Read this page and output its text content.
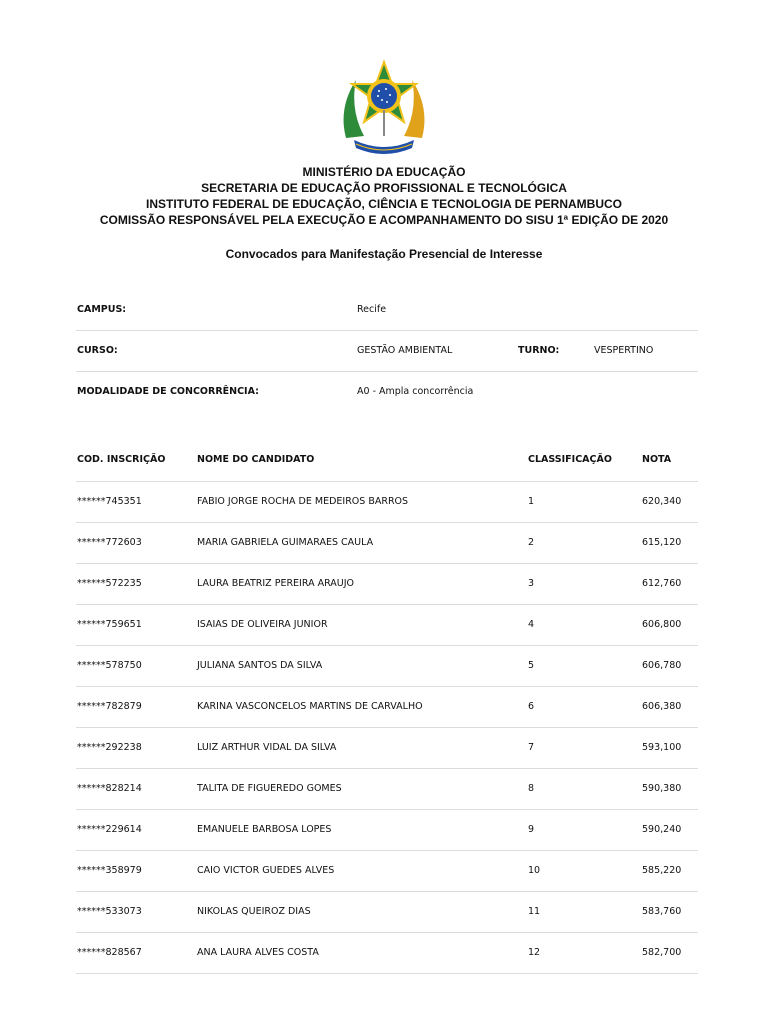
MINISTÉRIO DA EDUCAÇÃO
SECRETARIA DE EDUCAÇÃO PROFISSIONAL E TECNOLÓGICA
INSTITUTO FEDERAL DE EDUCAÇÃO, CIÊNCIA E TECNOLOGIA DE PERNAMBUCO
COMISSÃO RESPONSÁVEL PELA EXECUÇÃO E ACOMPANHAMENTO DO SISU 1ª EDIÇÃO DE 2020
Convocados para Manifestação Presencial de Interesse
CAMPUS:	Recife
CURSO:	GESTÃO AMBIENTAL	TURNO:	VESPERTINO
MODALIDADE DE CONCORRÊNCIA:	A0 - Ampla concorrência
COD. INSCRIÇÃO	NOME DO CANDIDATO	CLASSIFICAÇÃO	NOTA
******745351	FABIO JORGE ROCHA DE MEDEIROS BARROS	1	620,340
******772603	MARIA GABRIELA GUIMARAES CAULA	2	615,120
******572235	LAURA BEATRIZ PEREIRA ARAUJO	3	612,760
******759651	ISAIAS DE OLIVEIRA JUNIOR	4	606,800
******578750	JULIANA SANTOS DA SILVA	5	606,780
******782879	KARINA VASCONCELOS MARTINS DE CARVALHO	6	606,380
******292238	LUIZ ARTHUR VIDAL DA SILVA	7	593,100
******828214	TALITA DE FIGUEREDO GOMES	8	590,380
******229614	EMANUELE BARBOSA LOPES	9	590,240
******358979	CAIO VICTOR GUEDES ALVES	10	585,220
******533073	NIKOLAS QUEIROZ DIAS	11	583,760
******828567	ANA LAURA ALVES COSTA	12	582,700
